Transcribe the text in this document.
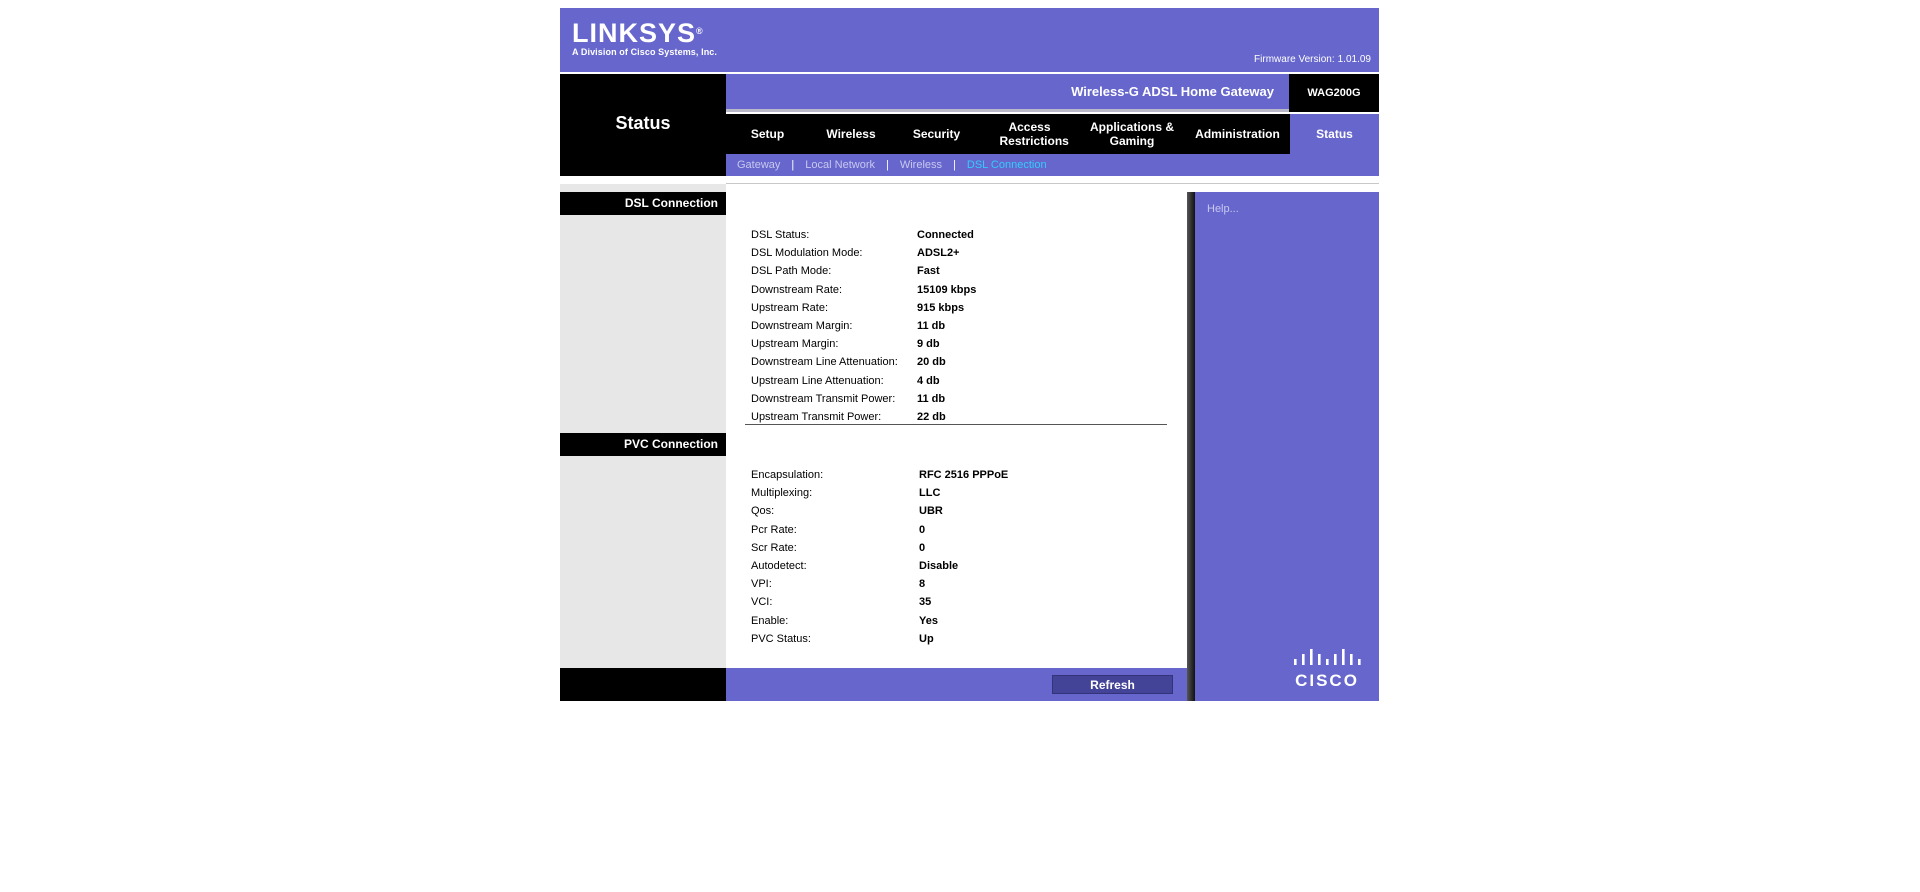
LINKSYS®
A Division of Cisco Systems, Inc.
Firmware Version: 1.01.09
Status
Wireless-G ADSL Home Gateway	WAG200G
Setup	Wireless	Security	Access Restrictions
Applications & Gaming	Administration	Status
Gateway | Local Network | Wireless | DSL Connection
DSL Connection
PVC Connection
DSL Status:	Connected
DSL Modulation Mode:	ADSL2+
DSL Path Mode:	Fast
Downstream Rate:	15109 kbps
Upstream Rate:	915 kbps
Downstream Margin:	11 db
Upstream Margin:	9 db
Downstream Line Attenuation:	20 db
Upstream Line Attenuation:	4 db
Downstream Transmit Power:	11 db
Upstream Transmit Power:	22 db
Encapsulation:	RFC 2516 PPPoE
Multiplexing:	LLC
Qos:	UBR
Pcr Rate:	0
Scr Rate:	0
Autodetect:	Disable
VPI:	8
VCI:	35
Enable:	Yes
PVC Status:	Up
Help...
CISCO
Refresh
